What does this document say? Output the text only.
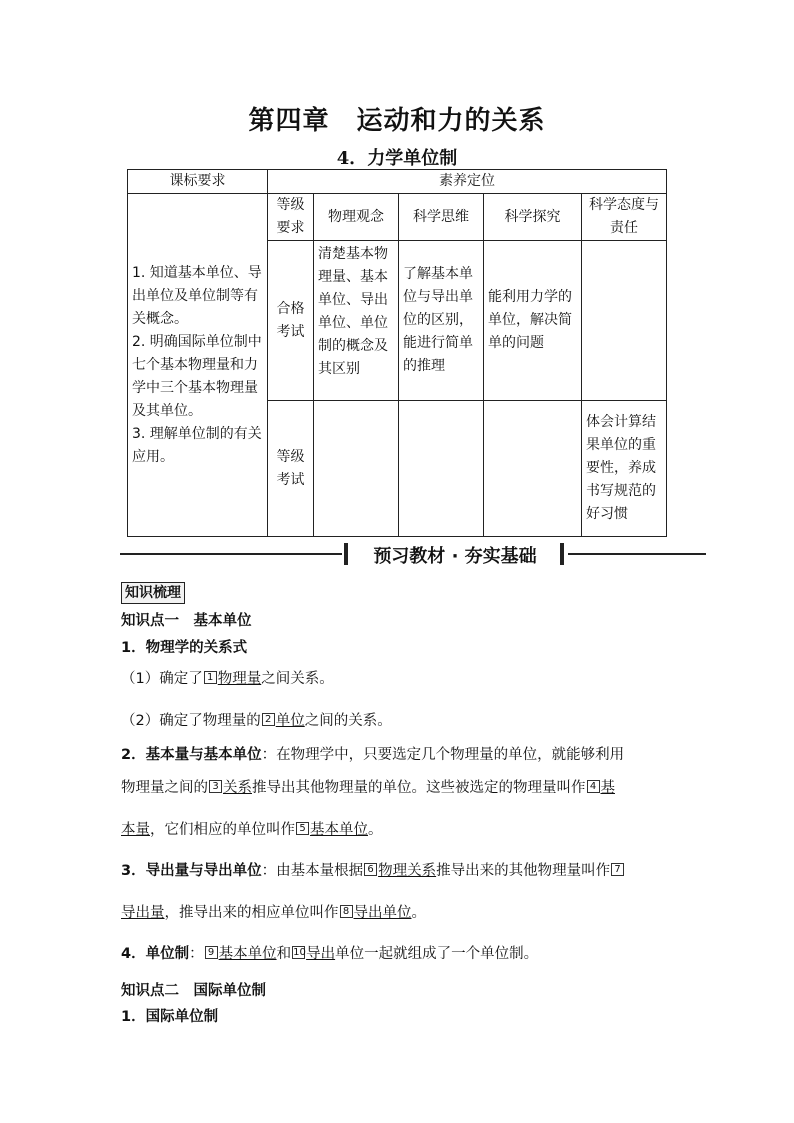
第四章　运动和力的关系
4．力学单位制
课标要求	素养定位				
1. 知道基本单位、导出单位及单位制等有关概念。
2. 明确国际单位制中七个基本物理量和力学中三个基本物理量及其单位。
3. 理解单位制的有关应用。	等级要求	物理观念	科学思维	科学探究	科学态度与责任
	合格考试	清楚基本物理量、基本单位、导出单位、单位制的概念及其区别	了解基本单位与导出单位的区别，能进行简单的推理	能利用力学的单位，解决简单的问题	
	等级考试				体会计算结果单位的重要性，养成书写规范的好习惯
预习教材 · 夯实基础
知识梳理
知识点一　基本单位
1．物理学的关系式
（1）确定了 1 物理量之间关系。
（2）确定了物理量的 2 单位之间的关系。
2．基本量与基本单位：在物理学中，只要选定几个物理量的单位，就能够利用
物理量之间的 3 关系推导出其他物理量的单位。这些被选定的物理量叫作 4 基
本量，它们相应的单位叫作 5 基本单位。
3．导出量与导出单位：由基本量根据 6 物理关系推导出来的其他物理量叫作 7
导出量，推导出来的相应单位叫作 8 导出单位。
4．单位制： 9 基本单位和 10导出单位一起就组成了一个单位制。
知识点二　国际单位制
1．国际单位制
